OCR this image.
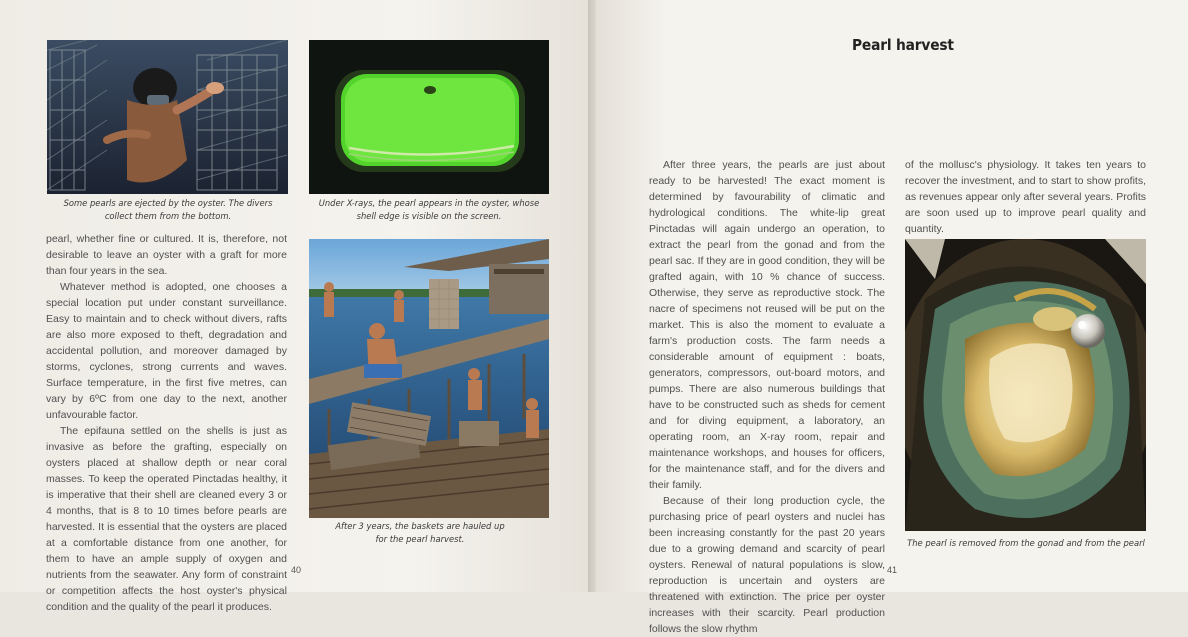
Some pearls are ejected by the oyster. The divers collect them from the bottom.
Under X-rays, the pearl appears in the oyster, whose shell edge is visible on the screen.
After 3 years, the baskets are hauled up for the pearl harvest.

pearl, whether fine or cultured. It is, therefore, not desirable to leave an oyster with a graft for more than four years in the sea.

Whatever method is adopted, one chooses a special location put under constant surveillance. Easy to maintain and to check without divers, rafts are also more exposed to theft, degradation and accidental pollution, and moreover damaged by storms, cyclones, strong currents and waves. Surface temperature, in the first five metres, can vary by 6ºC from one day to the next, another unfavourable factor.

The epifauna settled on the shells is just as invasive as before the grafting, especially on oysters placed at shallow depth or near coral masses. To keep the operated Pinctadas healthy, it is imperative that their shell are cleaned every 3 or 4 months, that is 8 to 10 times before pearls are harvested. It is essential that the oysters are placed at a comfortable distance from one another, for them to have an ample supply of oxygen and nutrients from the seawater. Any form of constraint or competition affects the host oyster's physical condition and the quality of the pearl it produces.

40
Pearl harvest

After three years, the pearls are just about ready to be harvested! The exact moment is determined by favourability of climatic and hydrological conditions. The white-lip great Pinctadas will again undergo an operation, to extract the pearl from the gonad and from the pearl sac. If they are in good condition, they will be grafted again, with 10 % chance of success. Otherwise, they serve as reproductive stock. The nacre of specimens not reused will be put on the market. This is also the moment to evaluate a farm's production costs. The farm needs a considerable amount of equipment : boats, generators, compressors, out-board motors, and pumps. There are also numerous buildings that have to be constructed such as sheds for cement and for diving equipment, a laboratory, an operating room, an X-ray room, repair and maintenance workshops, and houses for officers, for the maintenance staff, and for the divers and their family.

Because of their long production cycle, the purchasing price of pearl oysters and nuclei has been increasing constantly for the past 20 years due to a growing demand and scarcity of pearl oysters. Renewal of natural populations is slow, reproduction is uncertain and oysters are threatened with extinction. The price per oyster increases with their scarcity. Pearl production follows the slow rhythm

of the mollusc's physiology. It takes ten years to recover the investment, and to start to show profits, as revenues appear only after several years. Profits are soon used up to improve pearl quality and quantity.

The pearl is removed from the gonad and from the pearl
41
